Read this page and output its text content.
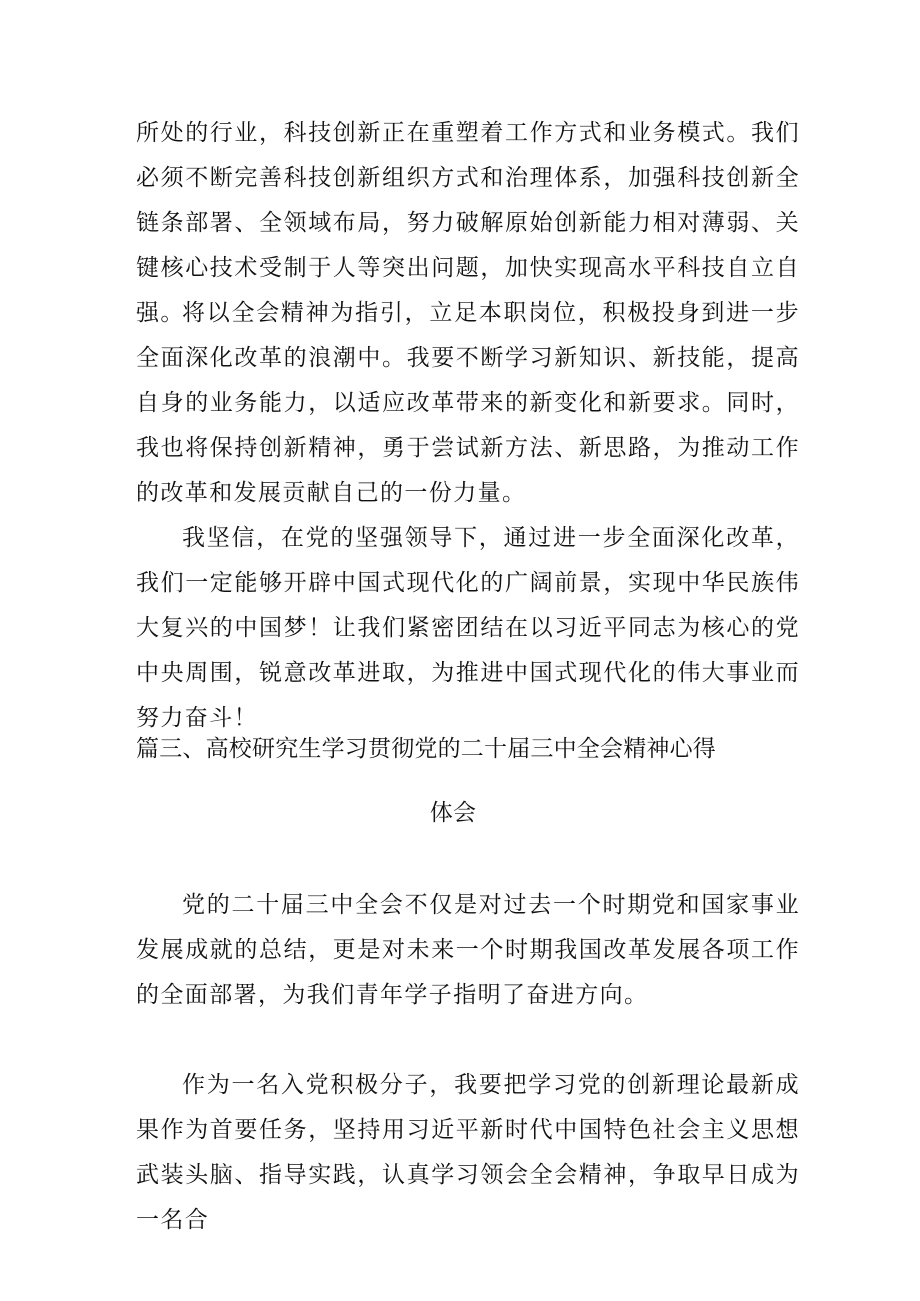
所处的行业，科技创新正在重塑着工作方式和业务模式。我们必须不断完善科技创新组织方式和治理体系，加强科技创新全链条部署、全领域布局，努力破解原始创新能力相对薄弱、关键核心技术受制于人等突出问题，加快实现高水平科技自立自强。

将以全会精神为指引，立足本职岗位，积极投身到进一步全面深化改革的浪潮中。我要不断学习新知识、新技能，提高自身的业务能力，以适应改革带来的新变化和新要求。同时，我也将保持创新精神，勇于尝试新方法、新思路，为推动工作的改革和发展贡献自己的一份力量。

我坚信，在党的坚强领导下，通过进一步全面深化改革，我们一定能够开辟中国式现代化的广阔前景，实现中华民族伟大复兴的中国梦！让我们紧密团结在以习近平同志为核心的党中央周围，锐意改革进取，为推进中国式现代化的伟大事业而努力奋斗！

篇三、高校研究生学习贯彻党的二十届三中全会精神心得
体会

党的二十届三中全会不仅是对过去一个时期党和国家事业发展成就的总结，更是对未来一个时期我国改革发展各项工作的全面部署，为我们青年学子指明了奋进方向。

作为一名入党积极分子，我要把学习党的创新理论最新成果作为首要任务，坚持用习近平新时代中国特色社会主义思想武装头脑、指导实践，认真学习领会全会精神，争取早日成为一名合
